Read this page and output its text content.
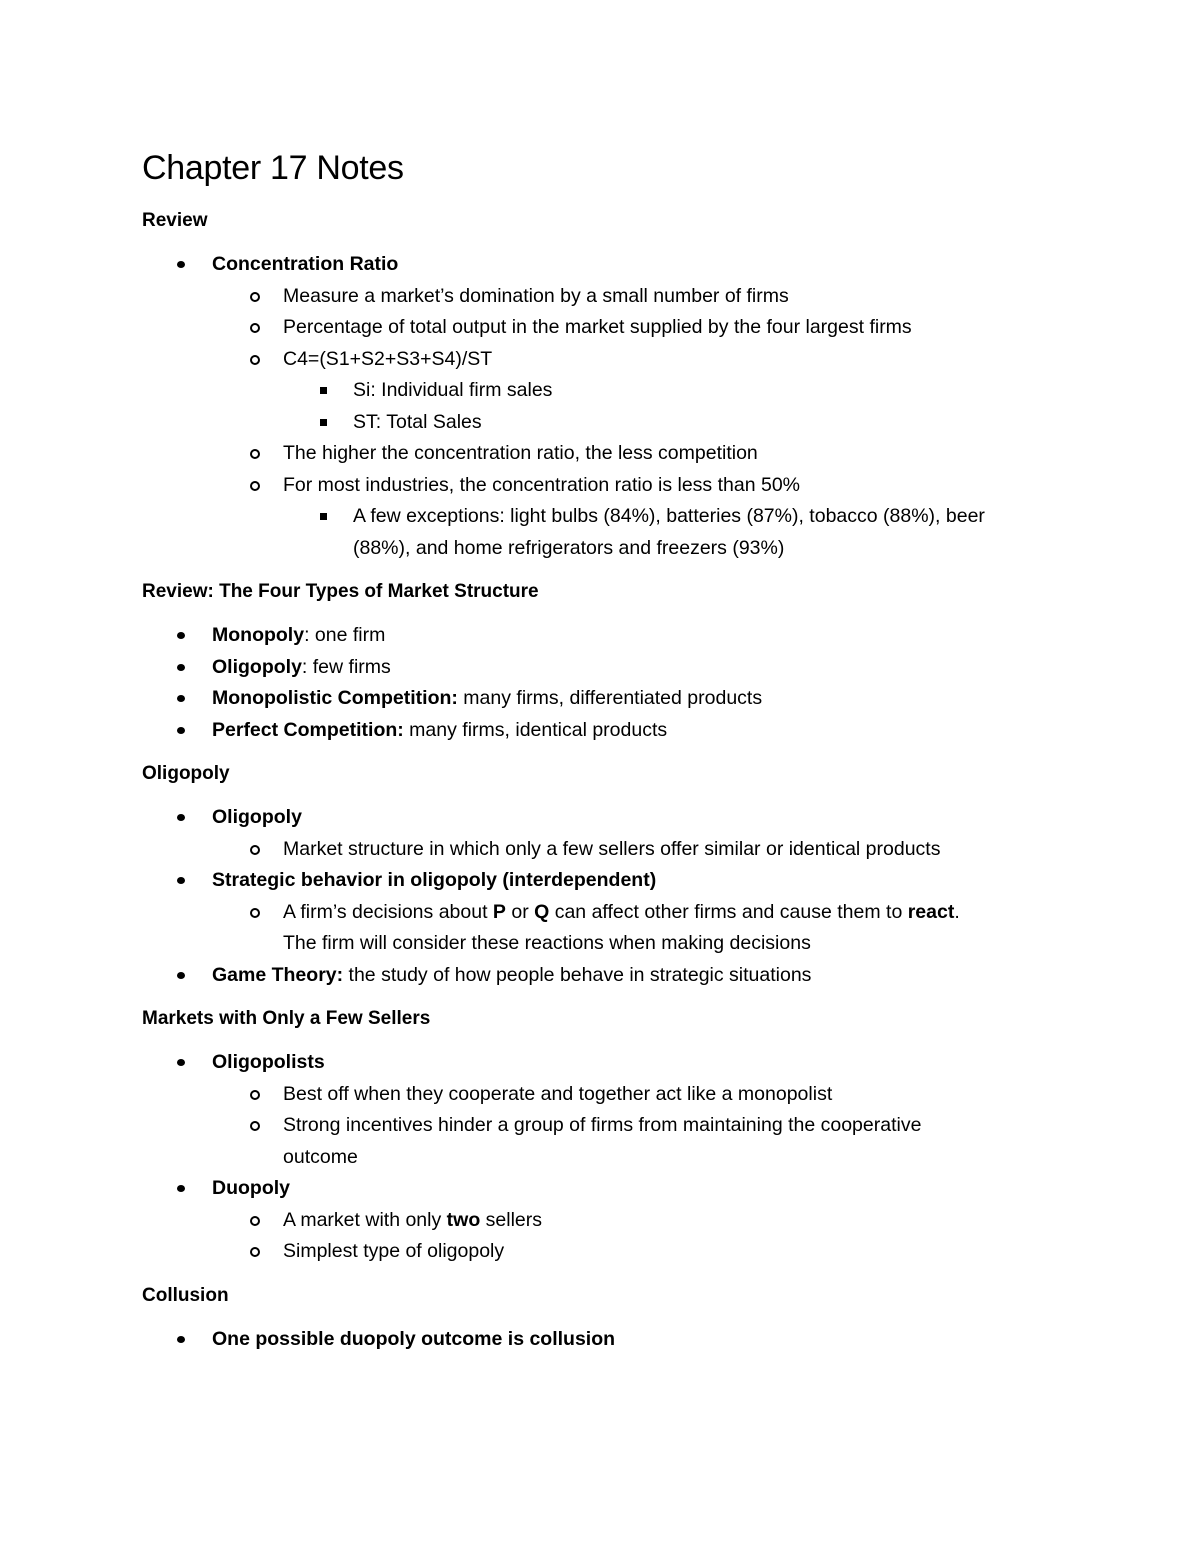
Chapter 17 Notes
Review
Concentration Ratio
Measure a market’s domination by a small number of firms
Percentage of total output in the market supplied by the four largest firms
C4=(S1+S2+S3+S4)/ST
Si: Individual firm sales
ST: Total Sales
The higher the concentration ratio, the less competition
For most industries, the concentration ratio is less than 50%
A few exceptions: light bulbs (84%), batteries (87%), tobacco (88%), beer
(88%), and home refrigerators and freezers (93%)
Review: The Four Types of Market Structure
Monopoly: one firm
Oligopoly: few firms
Monopolistic Competition: many firms, differentiated products
Perfect Competition: many firms, identical products
Oligopoly
Oligopoly
Market structure in which only a few sellers offer similar or identical products
Strategic behavior in oligopoly (interdependent)
A firm’s decisions about P or Q can affect other firms and cause them to react.
The firm will consider these reactions when making decisions
Game Theory: the study of how people behave in strategic situations
Markets with Only a Few Sellers
Oligopolists
Best off when they cooperate and together act like a monopolist
Strong incentives hinder a group of firms from maintaining the cooperative
outcome
Duopoly
A market with only two sellers
Simplest type of oligopoly
Collusion
One possible duopoly outcome is collusion
